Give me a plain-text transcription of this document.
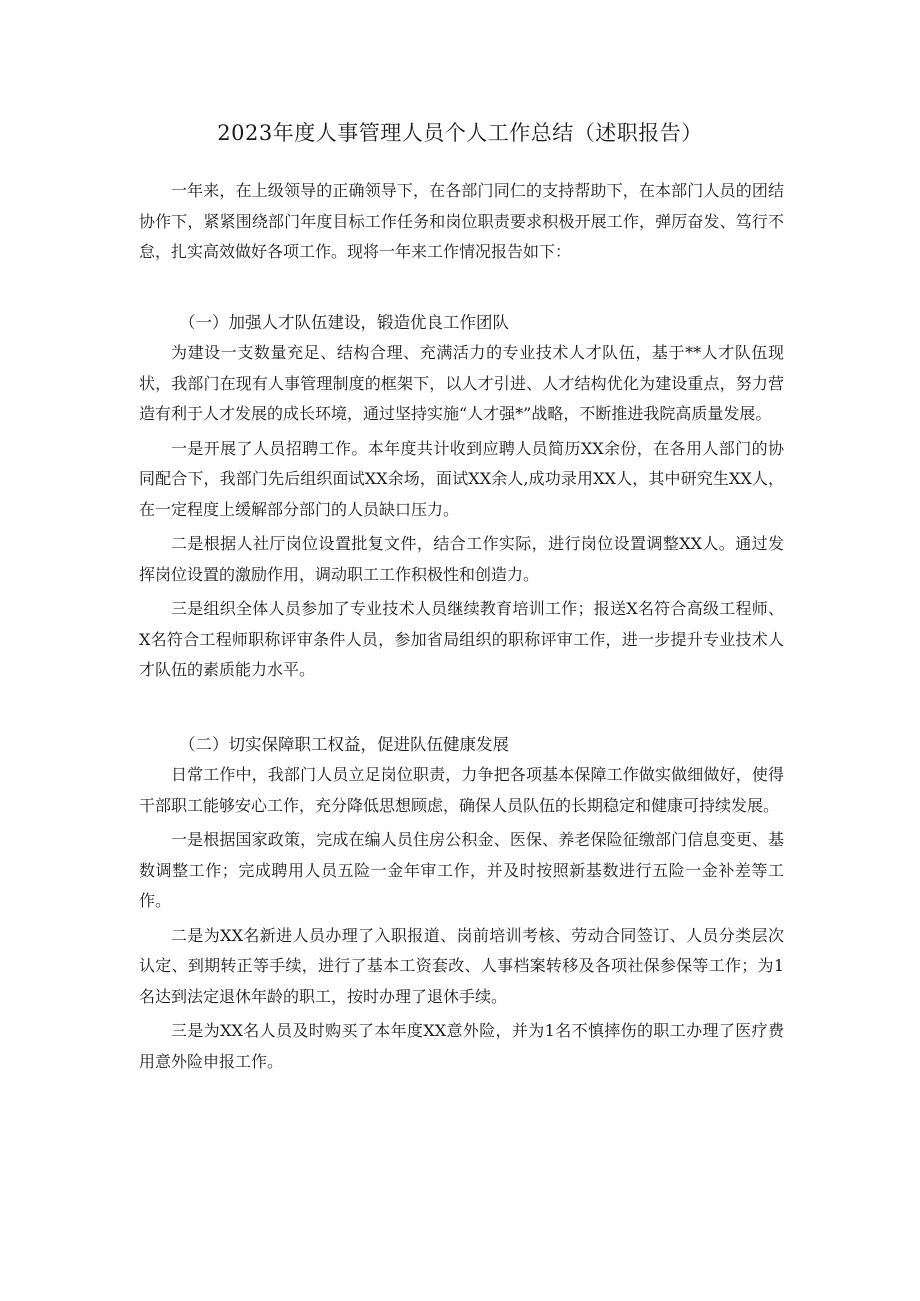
2023年度人事管理人员个人工作总结（述职报告）

一年来，在上级领导的正确领导下，在各部门同仁的支持帮助下，在本部门人员的团结协作下，紧紧围绕部门年度目标工作任务和岗位职责要求积极开展工作，弹厉奋发、笃行不怠，扎实高效做好各项工作。现将一年来工作情况报告如下：

（一）加强人才队伍建设，锻造优良工作团队

为建设一支数量充足、结构合理、充满活力的专业技术人才队伍，基于**人才队伍现状，我部门在现有人事管理制度的框架下，以人才引进、人才结构优化为建设重点，努力营造有利于人才发展的成长环境，通过坚持实施“人才强*”战略，不断推进我院高质量发展。

一是开展了人员招聘工作。本年度共计收到应聘人员简历XX余份，在各用人部门的协同配合下，我部门先后组织面试XX余场，面试XX余人,成功录用XX人，其中研究生XX人，在一定程度上缓解部分部门的人员缺口压力。

二是根据人社厅岗位设置批复文件，结合工作实际，进行岗位设置调整XX人。通过发挥岗位设置的激励作用，调动职工工作积极性和创造力。

三是组织全体人员参加了专业技术人员继续教育培训工作；报送X名符合高级工程师、X名符合工程师职称评审条件人员，参加省局组织的职称评审工作，进一步提升专业技术人才队伍的素质能力水平。

（二）切实保障职工权益，促进队伍健康发展

日常工作中，我部门人员立足岗位职责，力争把各项基本保障工作做实做细做好，使得干部职工能够安心工作，充分降低思想顾虑，确保人员队伍的长期稳定和健康可持续发展。

一是根据国家政策，完成在编人员住房公积金、医保、养老保险征缴部门信息变更、基数调整工作；完成聘用人员五险一金年审工作，并及时按照新基数进行五险一金补差等工作。

二是为XX名新进人员办理了入职报道、岗前培训考核、劳动合同签订、人员分类层次认定、到期转正等手续，进行了基本工资套改、人事档案转移及各项社保参保等工作；为1名达到法定退休年龄的职工，按时办理了退休手续。

三是为XX名人员及时购买了本年度XX意外险，并为1名不慎摔伤的职工办理了医疗费用意外险申报工作。
